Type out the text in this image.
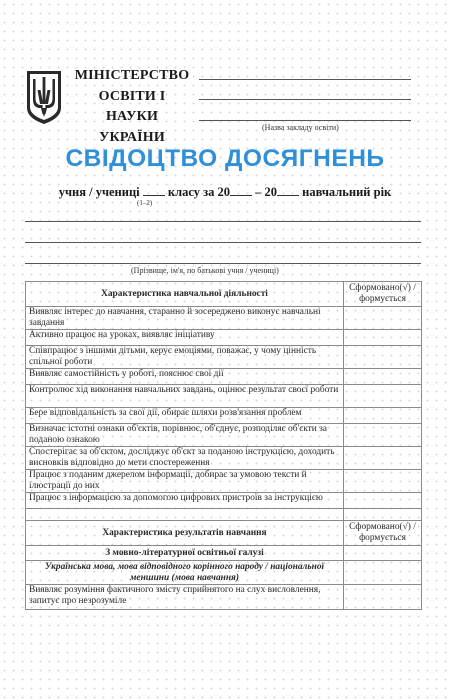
МІНІСТЕРСТВО
ОСВІТИ І НАУКИ
УКРАЇНИ
(Назва закладу освіти)
СВІДОЦТВО ДОСЯГНЕНЬ
учня / учениці класу за 20 – 20 навчальний рік
(1–2)
(Прізвище, ім'я, по батькові учня / учениці)
Характеристика навчальної діяльності	Сформовано(√) / формується
Виявляє інтерес до навчання, старанно й зосереджено виконує навчальні завдання	
Активно працює на уроках, виявляє ініціативу	
Співпрацює з іншими дітьми, керує емоціями, поважає, у чому цінність спільної роботи	
Виявляє самостійність у роботі, пояснює свої дії	
Контролює хід виконання навчальних завдань, оцінює результат своєї роботи	
Бере відповідальність за свої дії, обирає шляхи розв'язання проблем	
Визначає істотні ознаки об'єктів, порівнює, об'єднує, розподіляє об'єкти за поданою ознакою	
Спостерігає за об'єктом, досліджує об'єкт за поданою інструкцією, доходить висновків відповідно до мети спостереження	
Працює з поданим джерелом інформації, добирає за умовою тексти й ілюстрації до них	
Працює з інформацією за допомогою цифрових пристроїв за інструкцією	

Характеристика результатів навчання	Сформовано(√) / формується
З мовно-літературної освітньої галузі	
Українська мова, мова відповідного корінного народу / національної меншини (мова навчання)	
Виявляє розуміння фактичного змісту сприйнятого на слух висловлення, запитує про незрозуміле	
